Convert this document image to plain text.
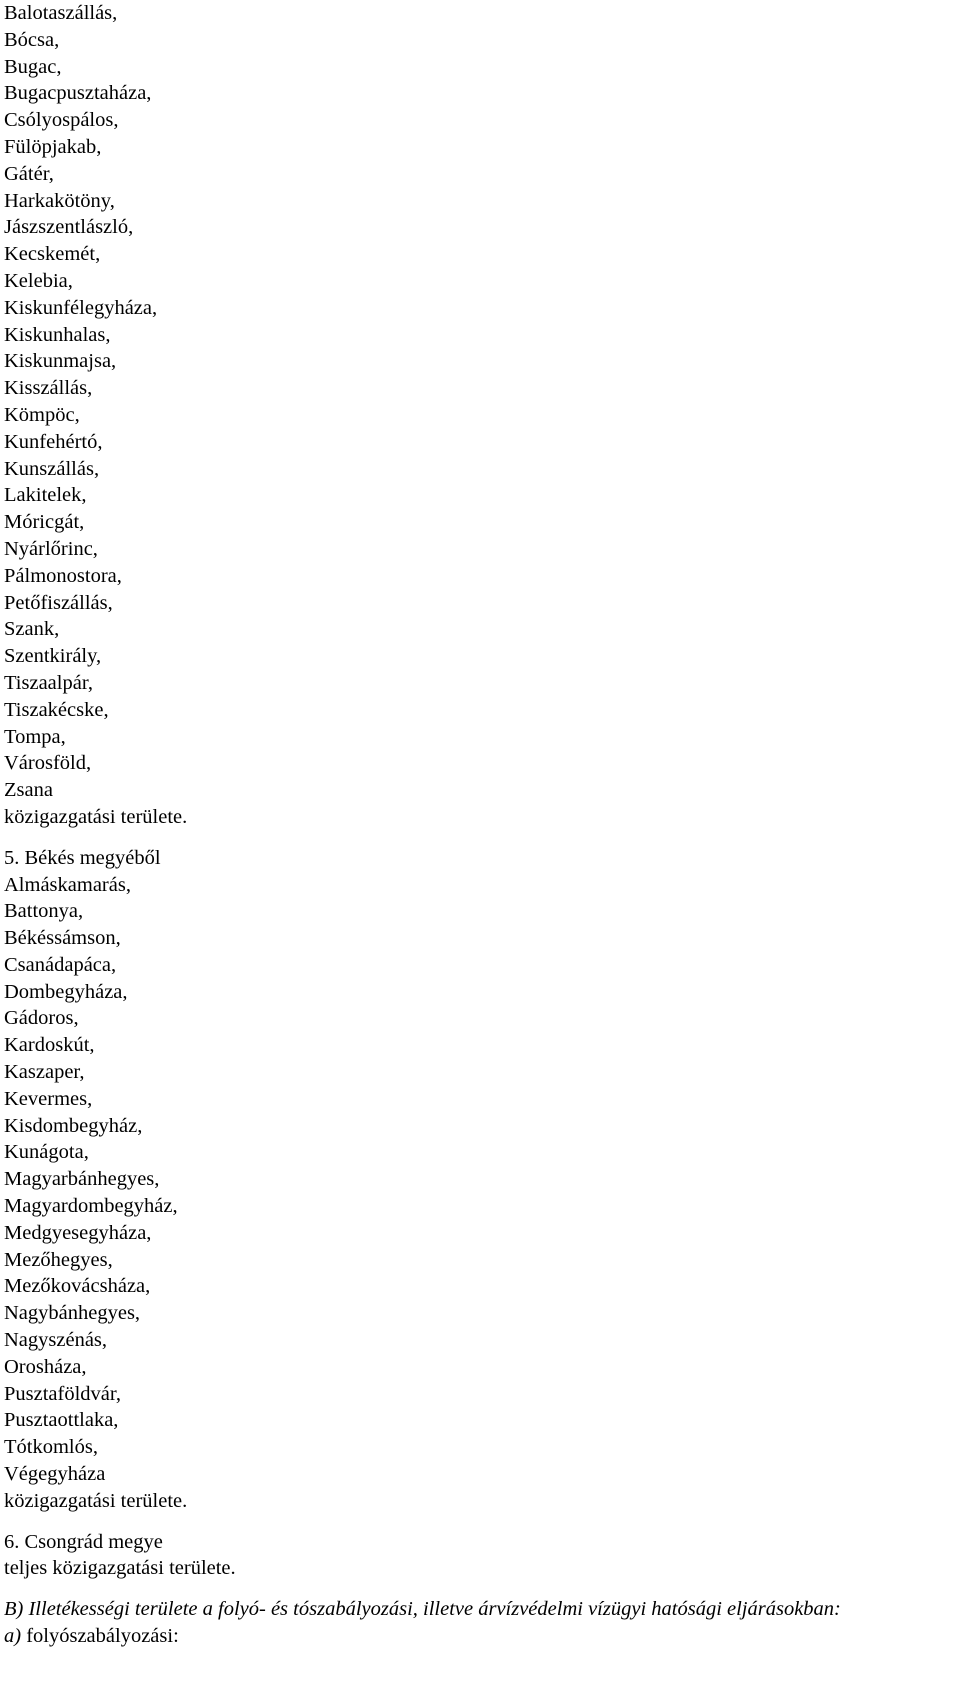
Balotaszállás,
Bócsa,
Bugac,
Bugacpusztaháza,
Csólyospálos,
Fülöpjakab,
Gátér,
Harkakötöny,
Jászszentlászló,
Kecskemét,
Kelebia,
Kiskunfélegyháza,
Kiskunhalas,
Kiskunmajsa,
Kisszállás,
Kömpöc,
Kunfehértó,
Kunszállás,
Lakitelek,
Móricgát,
Nyárlőrinc,
Pálmonostora,
Petőfiszállás,
Szank,
Szentkirály,
Tiszaalpár,
Tiszakécske,
Tompa,
Városföld,
Zsana
közigazgatási területe.
5. Békés megyéből
Almáskamarás,
Battonya,
Békéssámson,
Csanádapáca,
Dombegyháza,
Gádoros,
Kardoskút,
Kaszaper,
Kevermes,
Kisdombegyház,
Kunágota,
Magyarbánhegyes,
Magyardombegyház,
Medgyesegyháza,
Mezőhegyes,
Mezőkovácsháza,
Nagybánhegyes,
Nagyszénás,
Orosháza,
Pusztaföldvár,
Pusztaottlaka,
Tótkomlós,
Végegyháza
közigazgatási területe.
6. Csongrád megye
teljes közigazgatási területe.
B) Illetékességi területe a folyó- és tószabályozási, illetve árvízvédelmi vízügyi hatósági eljárásokban:
a) folyószabályozási:
